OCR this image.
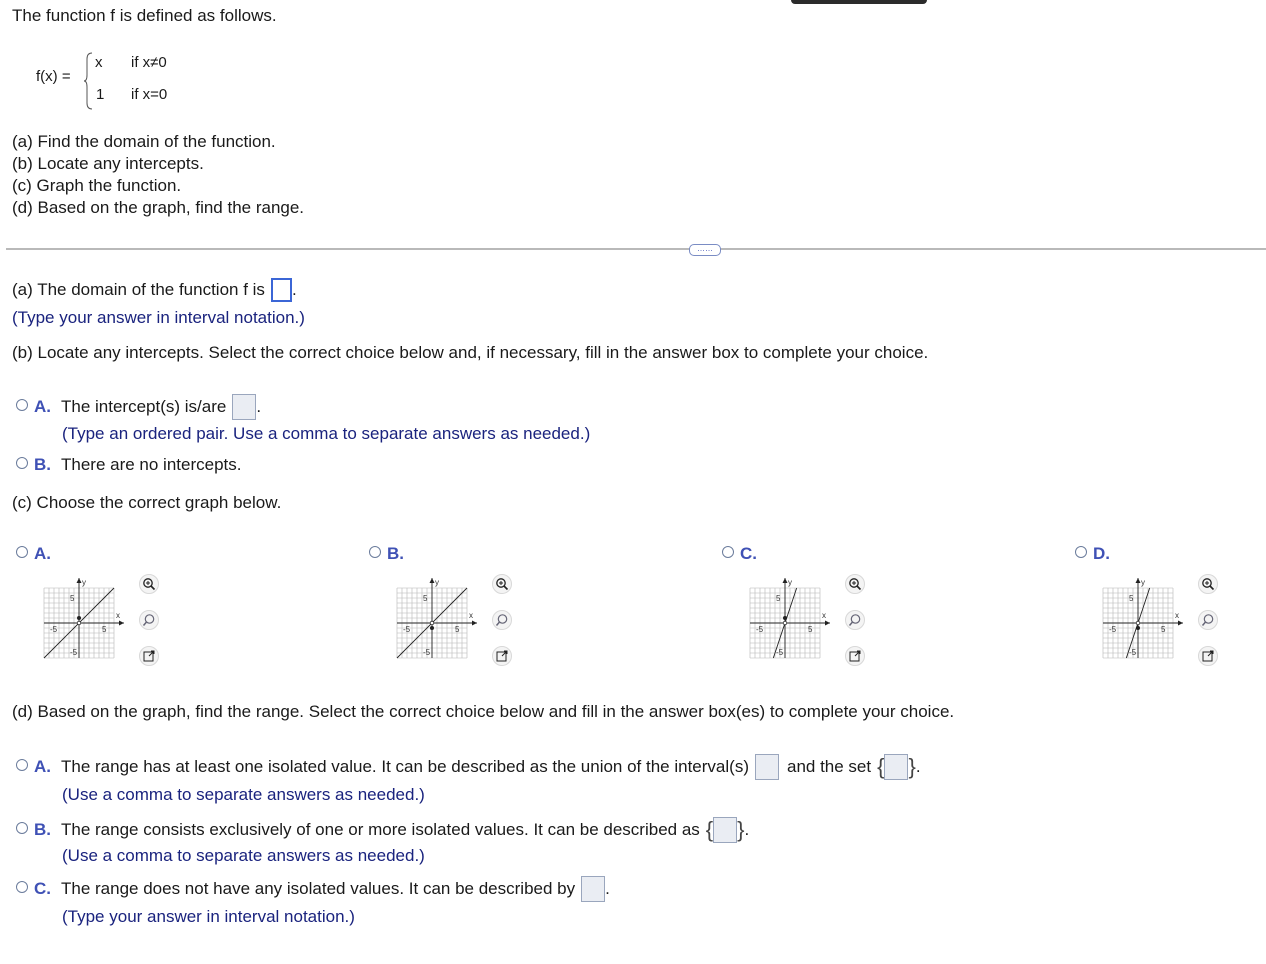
The function f is defined as follows.
f(x) =
x if x≠0
1 if x=0
(a) Find the domain of the function.
(b) Locate any intercepts.
(c) Graph the function.
(d) Based on the graph, find the range.
……
(a) The domain of the function f is .
(Type your answer in interval notation.)
(b) Locate any intercepts. Select the correct choice below and, if necessary, fill in the answer box to complete your choice.
A. The intercept(s) is/are .
(Type an ordered pair. Use a comma to separate answers as needed.)
B. There are no intercepts.
(c) Choose the correct graph below.
A.
y
x
5
-5
-5	5
B.
y
x
5
-5
-5	5
C.
y
x
5
-5
-5	5
D.
y
x
5
-5
-5	5
(d) Based on the graph, find the range. Select the correct choice below and fill in the answer box(es) to complete your choice.
A. The range has at least one isolated value. It can be described as the union of the interval(s) and the set { } .
(Use a comma to separate answers as needed.)
B. The range consists exclusively of one or more isolated values. It can be described as { } .
(Use a comma to separate answers as needed.)
C. The range does not have any isolated values. It can be described by .
(Type your answer in interval notation.)
